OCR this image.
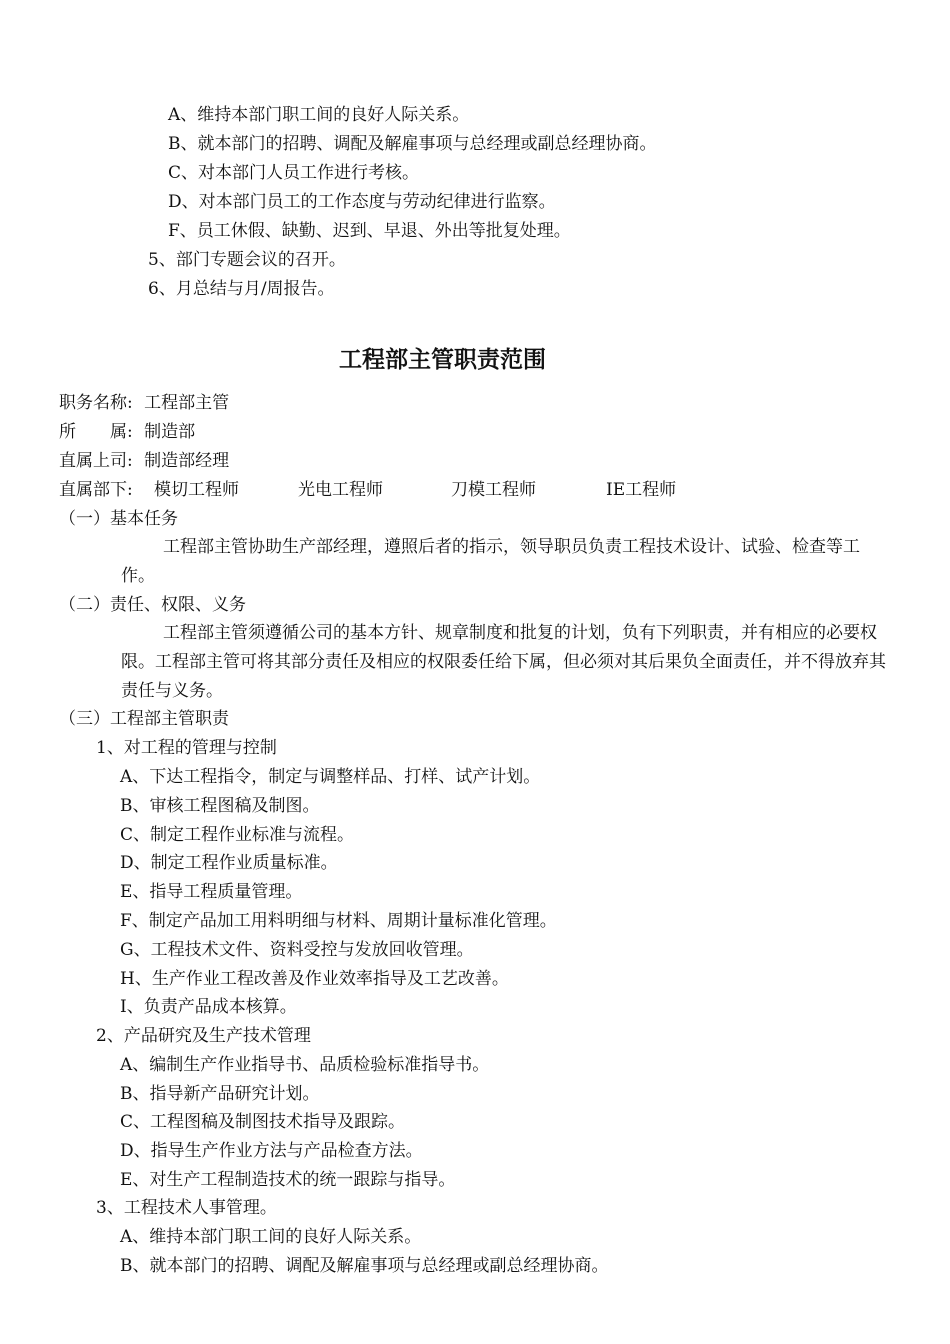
A、维持本部门职工间的良好人际关系。
B、就本部门的招聘、调配及解雇事项与总经理或副总经理协商。
C、对本部门人员工作进行考核。
D、对本部门员工的工作态度与劳动纪律进行监察。
F、员工休假、缺勤、迟到、早退、外出等批复处理。
5、部门专题会议的召开。
6、月总结与月/周报告。
工程部主管职责范围
职务名称: 工程部主管
所　　属: 制造部
直属上司: 制造部经理
直属部下: 模切工程师	光电工程师	刀模工程师	IE工程师
（一）基本任务
工程部主管协助生产部经理，遵照后者的指示，领导职员负责工程技术设计、试验、检查等工作。
（二）责任、权限、义务
工程部主管须遵循公司的基本方针、规章制度和批复的计划，负有下列职责，并有相应的必要权限。工程部主管可将其部分责任及相应的权限委任给下属，但必须对其后果负全面责任，并不得放弃其责任与义务。
（三）工程部主管职责
1、对工程的管理与控制
A、下达工程指令，制定与调整样品、打样、试产计划。
B、审核工程图稿及制图。
C、制定工程作业标准与流程。
D、制定工程作业质量标准。
E、指导工程质量管理。
F、制定产品加工用料明细与材料、周期计量标准化管理。
G、工程技术文件、资料受控与发放回收管理。
H、生产作业工程改善及作业效率指导及工艺改善。
I、负责产品成本核算。
2、产品研究及生产技术管理
A、编制生产作业指导书、品质检验标准指导书。
B、指导新产品研究计划。
C、工程图稿及制图技术指导及跟踪。
D、指导生产作业方法与产品检查方法。
E、对生产工程制造技术的统一跟踪与指导。
3、工程技术人事管理。
A、维持本部门职工间的良好人际关系。
B、就本部门的招聘、调配及解雇事项与总经理或副总经理协商。
